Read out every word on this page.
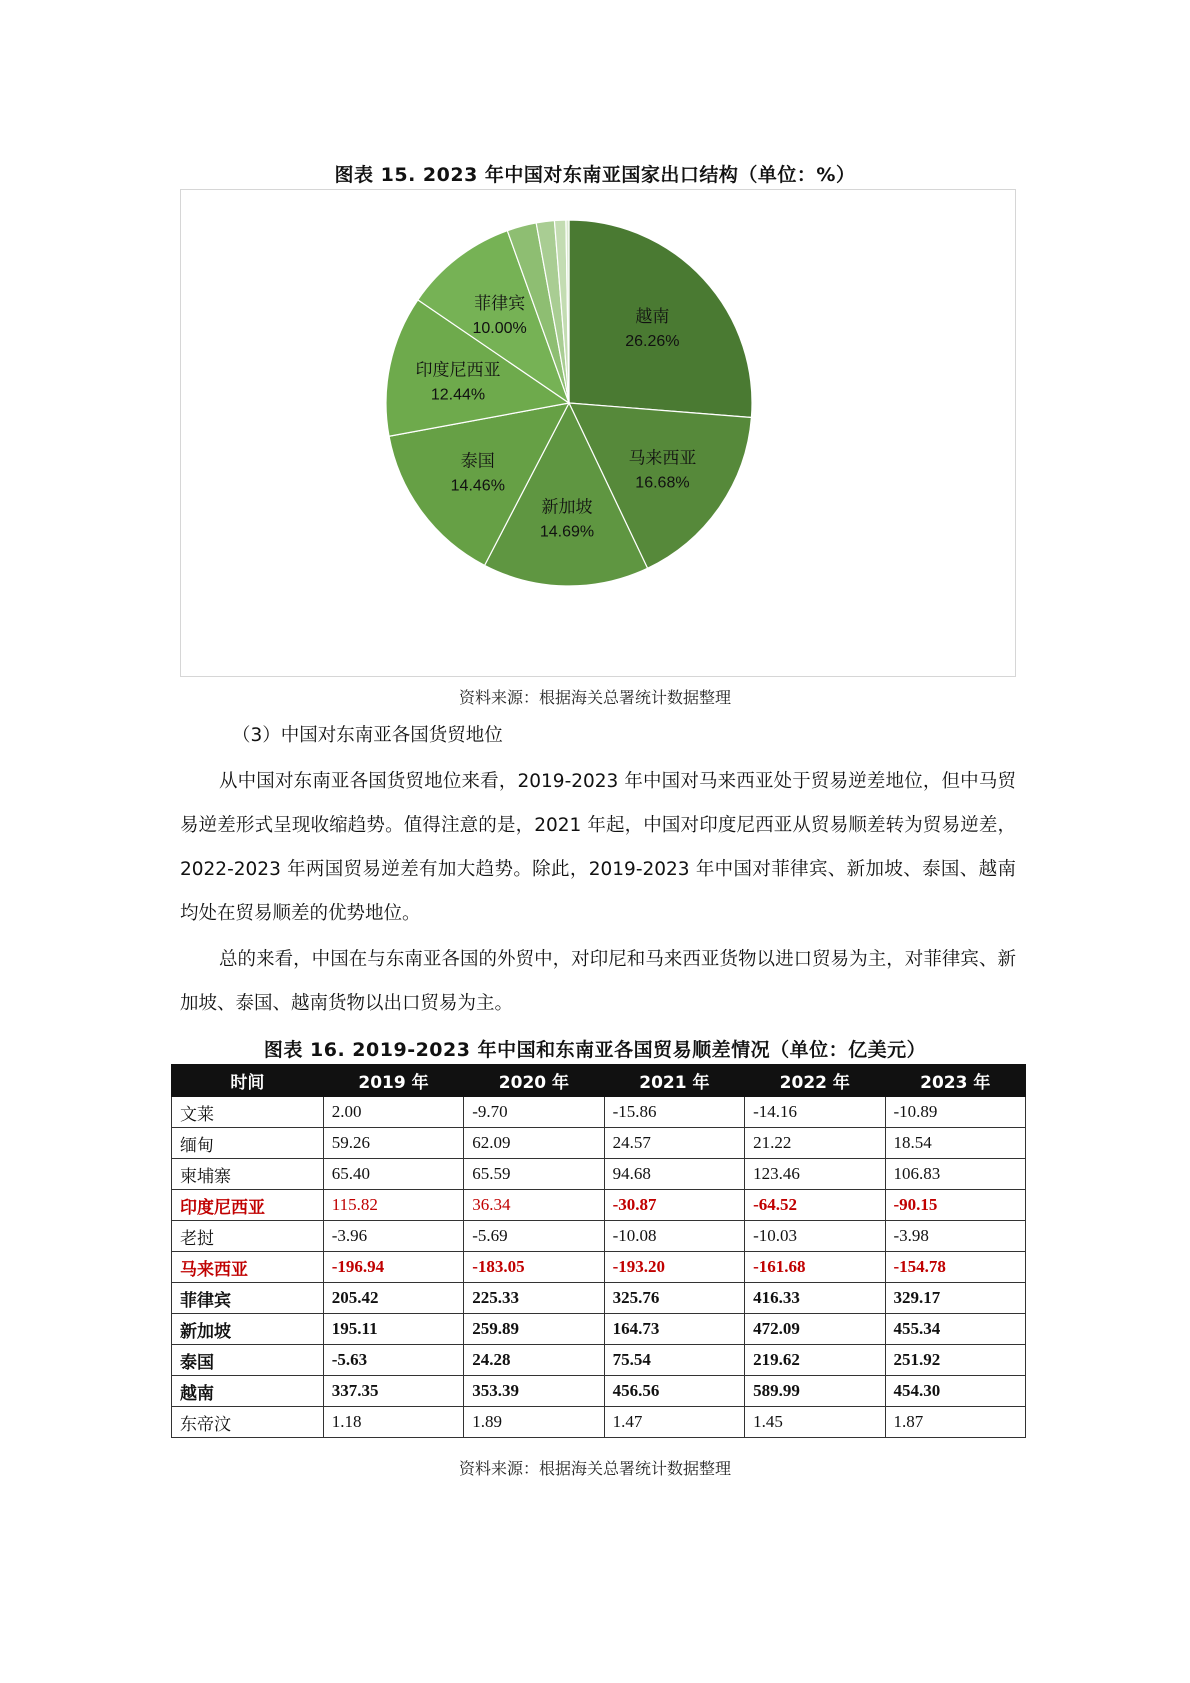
图表 15. 2023 年中国对东南亚国家出口结构（单位：%）
越南
26.26%
马来西亚
16.68%
新加坡
14.69%
泰国
14.46%
印度尼西亚
12.44%
菲律宾
10.00%
资料来源：根据海关总署统计数据整理

（3）中国对东南亚各国货贸地位

从中国对东南亚各国货贸地位来看，2019-2023 年中国对马来西亚处于贸易逆差地位，但中马贸易逆差形式呈现收缩趋势。值得注意的是，2021 年起，中国对印度尼西亚从贸易顺差转为贸易逆差，2022-2023 年两国贸易逆差有加大趋势。除此，2019-2023 年中国对菲律宾、新加坡、泰国、越南均处在贸易顺差的优势地位。

总的来看，中国在与东南亚各国的外贸中，对印尼和马来西亚货物以进口贸易为主，对菲律宾、新加坡、泰国、越南货物以出口贸易为主。

图表 16. 2019-2023 年中国和东南亚各国贸易顺差情况（单位：亿美元）
时间	2019 年	2020 年	2021 年	2022 年	2023 年
文莱	2.00	-9.70	-15.86	-14.16	-10.89
缅甸	59.26	62.09	24.57	21.22	18.54
柬埔寨	65.40	65.59	94.68	123.46	106.83
印度尼西亚	115.82	36.34	-30.87	-64.52	-90.15
老挝	-3.96	-5.69	-10.08	-10.03	-3.98
马来西亚	-196.94	-183.05	-193.20	-161.68	-154.78
菲律宾	205.42	225.33	325.76	416.33	329.17
新加坡	195.11	259.89	164.73	472.09	455.34
泰国	-5.63	24.28	75.54	219.62	251.92
越南	337.35	353.39	456.56	589.99	454.30
东帝汶	1.18	1.89	1.47	1.45	1.87
资料来源：根据海关总署统计数据整理
